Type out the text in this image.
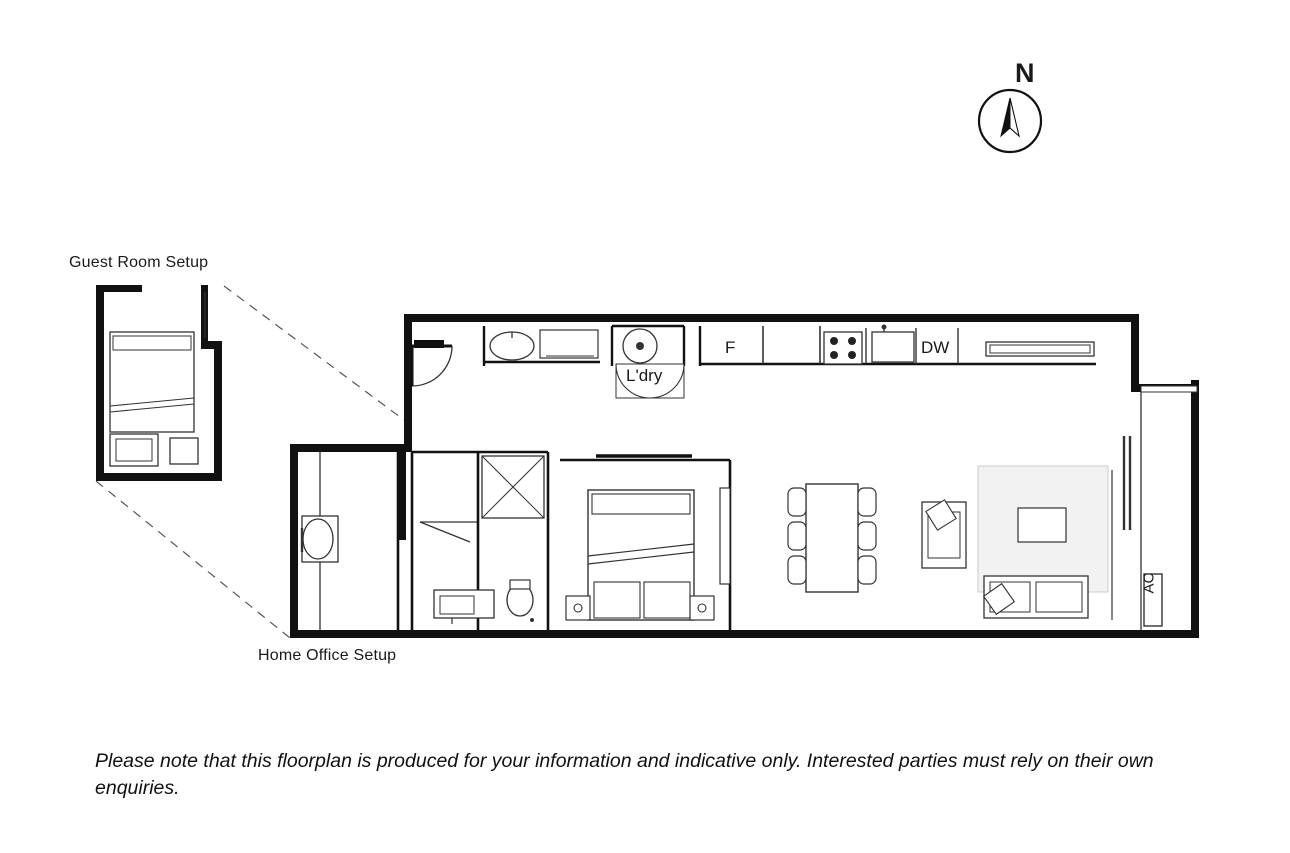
Guest Room Setup
Home Office Setup
N
L'dry
F	DW
AC
Please note that this floorplan is produced for your information and indicative only. Interested parties must rely on their own enquiries.
